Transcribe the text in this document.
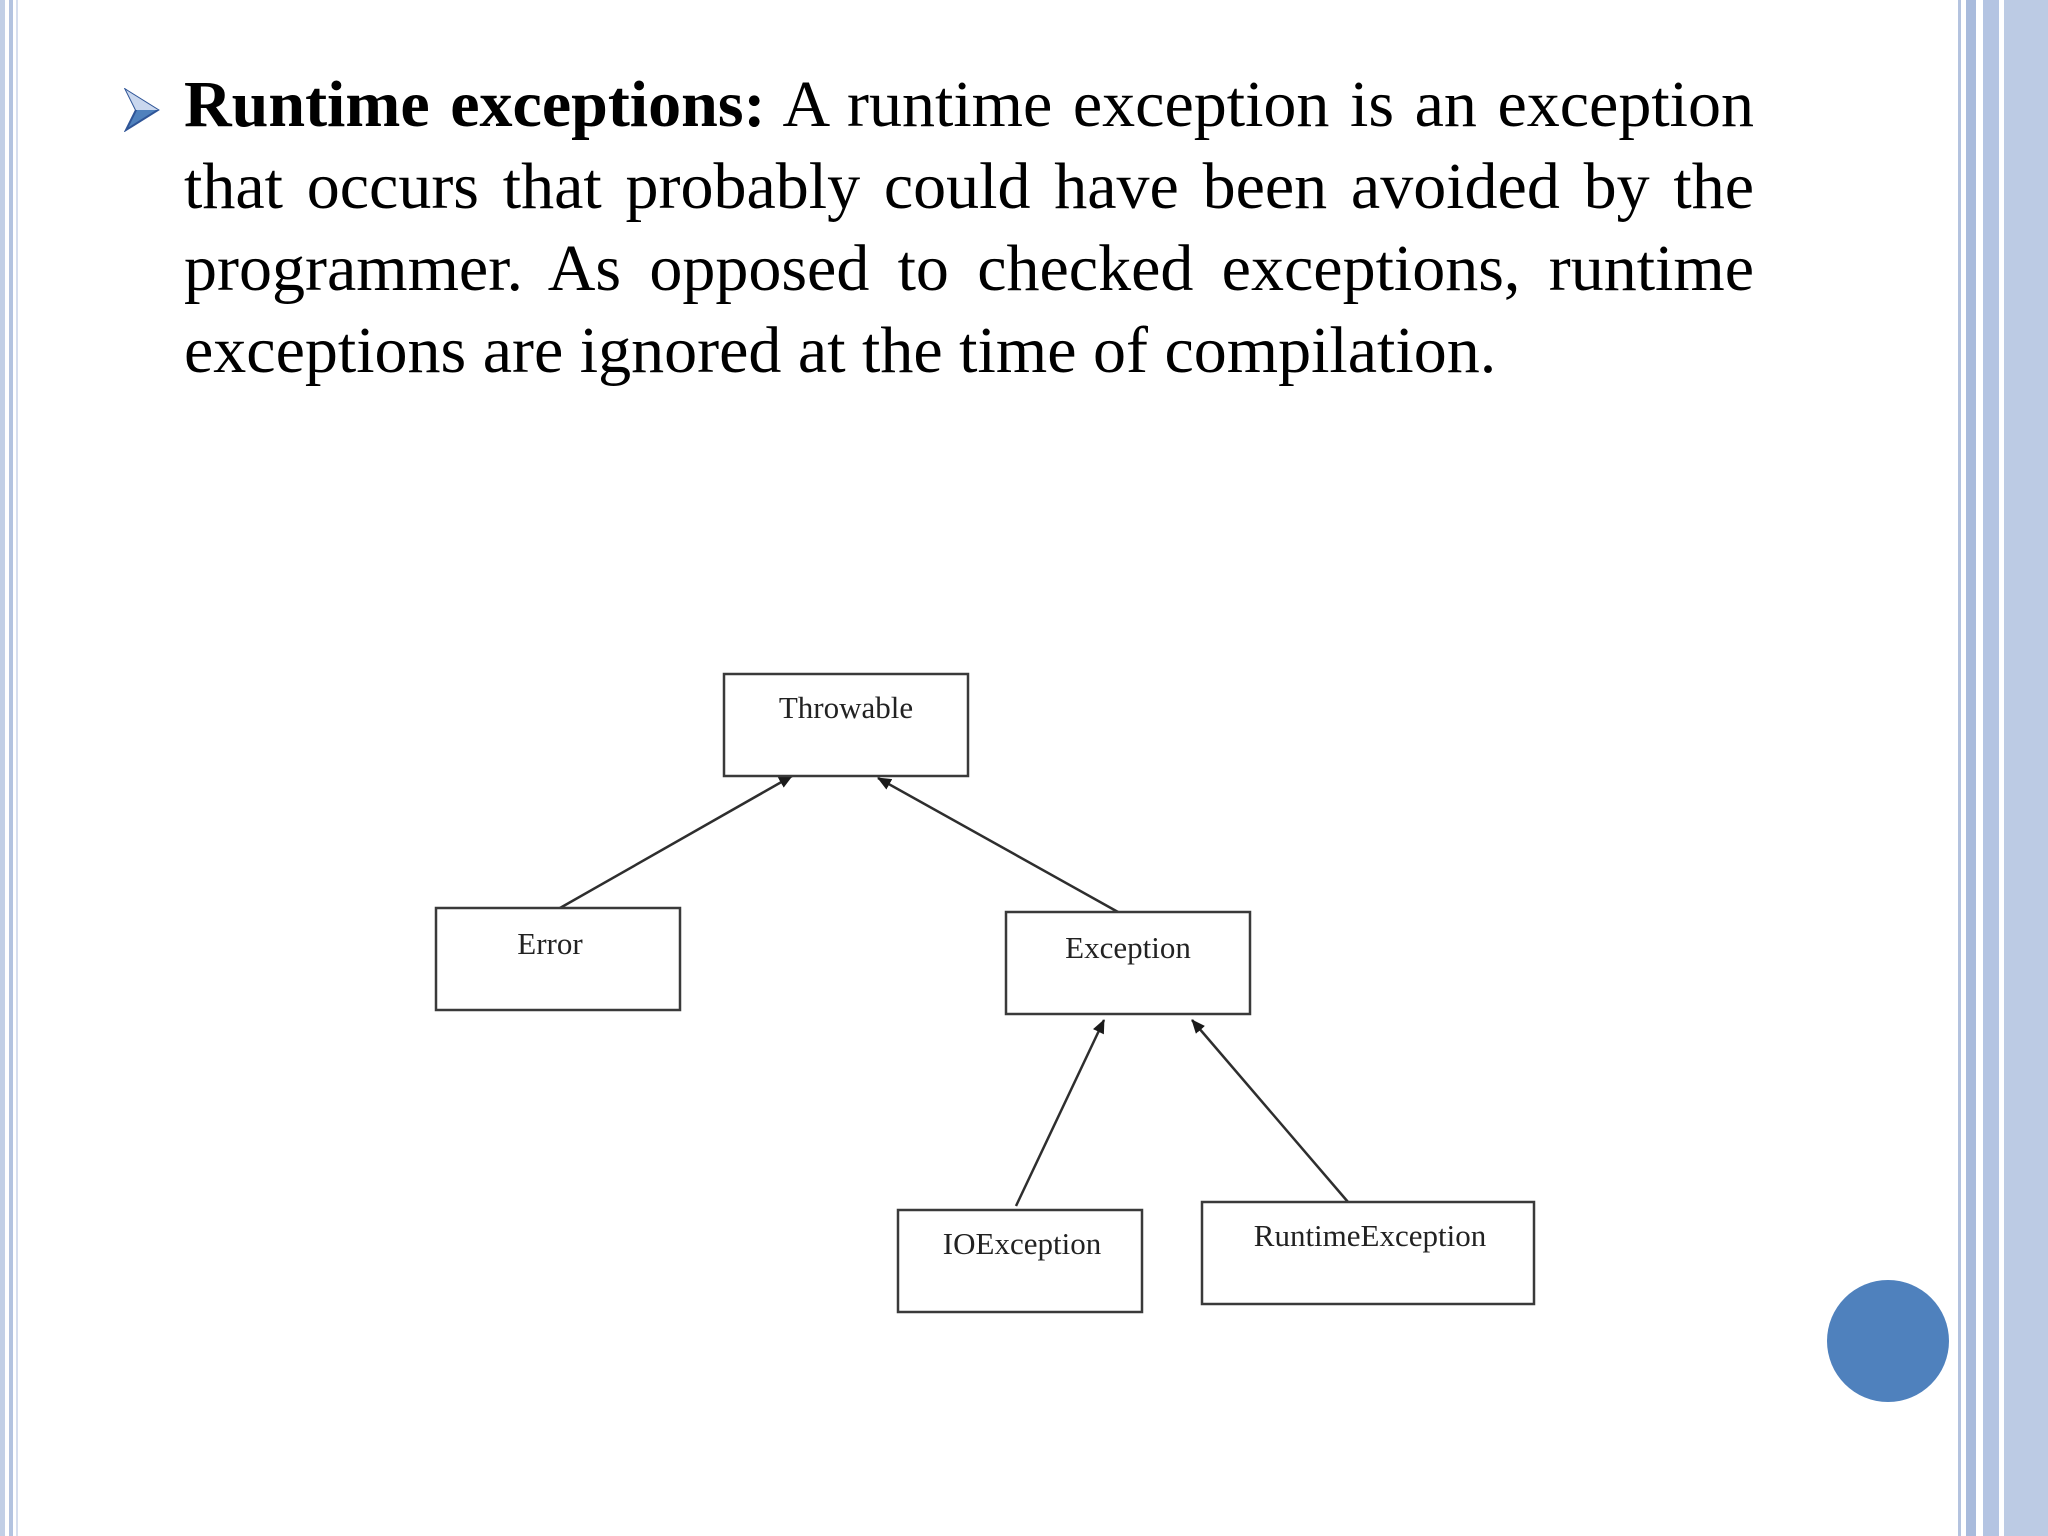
Runtime exceptions: A runtime exception is an exception that occurs that probably could have been avoided by the programmer. As opposed to checked exceptions, runtime exceptions are ignored at the time of compilation.

Throwable
Error	Exception
IOException	RuntimeException
